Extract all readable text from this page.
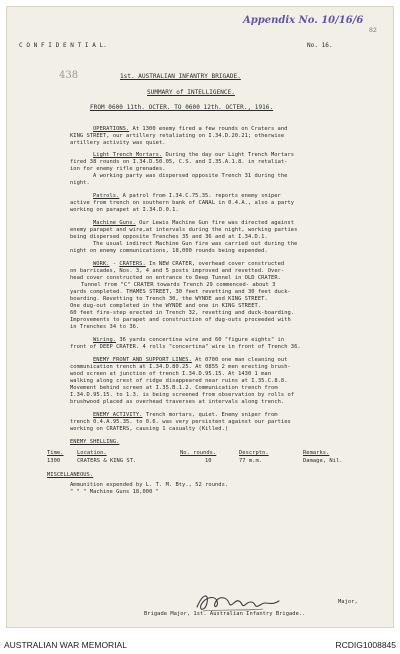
Appendix No. 10/16/6
82
C O N F I D E N T I A L.	No. 16.
438	1st. AUSTRALIAN INFANTRY BRIGADE.
SUMMARY of INTELLIGENCE.
FROM 0600 11th. OCTER. TO 0600 12th. OCTER., 1916.
OPERATIONS. At 1300 enemy fired a few rounds on Craters and
KING STREET, our artillery retaliating on I.34.D.20.21; otherwise
artillery activity was quiet.
Light Trench Mortars. During the day our Light Trench Mortars
fired 38 rounds on I.34.D.50.05, C.S. and I.35.A.1.8. in retaliat-
ion for enemy rifle grenades.
A working party was dispersed opposite Trench 31 during the
night.
Patrols. A patrol from I.34.C.75.35. reports enemy sniper
active from trench on southern bank of CANAL in 0.4.A., also a party
working on parapet at I.34.D.0.1.
Machine Guns. Our Lewis Machine Gun fire was directed against
enemy parapet and wire,at intervals during the night, working parties
being dispersed opposite Trenches 35 and 36 and at I.34.D.1.
The usual indirect Machine Gun fire was carried out during the
night on enemy communications, 18,000 rounds being expended.
WORK. - CRATERS. In NEW CRATER, overhead cover constructed
on barricades, Nos. 3, 4 and 5 posts improved and revetted. Over-
head cover constructed on entrance to Deep Tunnel in OLD CRATER.
Tunnel from "C" CRATER towards Trench 29 commenced- about 3
yards completed. THAMES STREET, 30 feet revetting and 30 feet duck-
boarding. Revetting to Trench 30, the WYNDE and KING STREET.
One dug-out completed in the WYNDE and one in KING STREET.
60 feet fire-step erected in Trench 32, revetting and duck-boarding.
Improvements to parapet and construction of dug-outs proceeded with
in Trenches 34 to 36.
Wiring. 36 yards concertina wire and 60 "figure eights" in
front of DEEP CRATER. 4 rolls "concertina" wire in front of Trench 36.
ENEMY FRONT AND SUPPORT LINES. At 0700 one man cleaning out
communication trench at I.34.D.80.25. At 0855 2 men erecting brush-
wood screen at junction of trench I.34.D.95.15. At 1430 1 man
walking along crest of ridge disappeared near ruins at I.35.C.8.8.
Movement behind screen at I.35.B.1.2. Communication trench from
I.34.D.95.15. to 1.3. is being screened from observation by rolls of
brushwood placed as overhead traverses at intervals along trench.
ENEMY ACTIVITY. Trench mortars, quiet. Enemy sniper from
trench 0.4.A.95.35. to 0.6. was very persistent against our parties
working on CRATERS, causing 1 casualty (Killed.)
ENEMY SHELLING.
Time.	Location.	No. rounds.	Descrptn.	Remarks.
1300	CRATERS & KING ST.	10	77 m.m.	Damage, Nil.
MISCELLANEOUS.
Ammunition expended by L. T. M. Bty., 52 rounds.
" " " Machine Guns 18,000 "
Major,
Brigade Major, 1st. Australian Infantry Brigade..
AUSTRALIAN WAR MEMORIAL	RCDIG1008845
